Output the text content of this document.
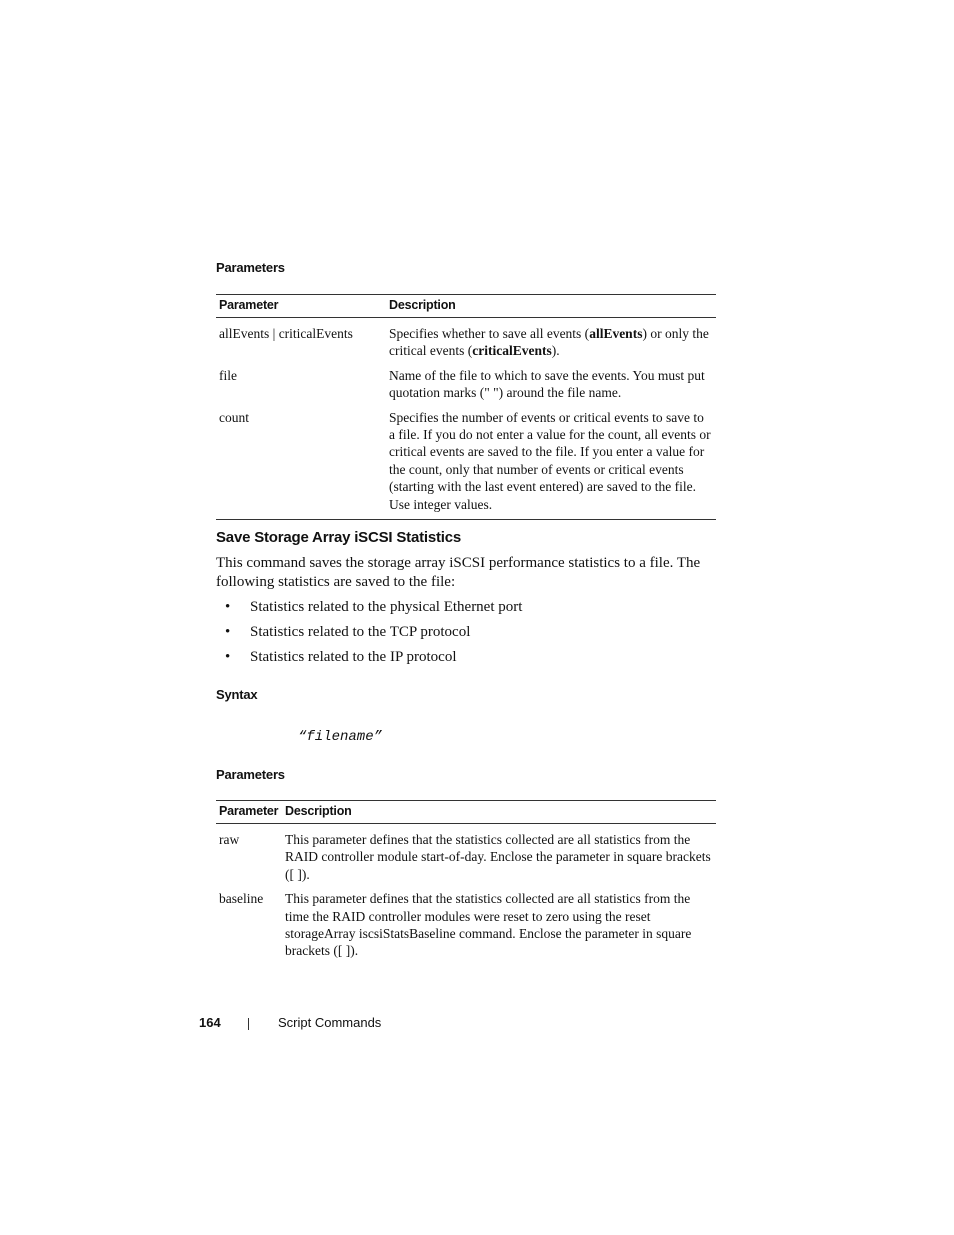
Parameters
Parameter	Description
allEvents | criticalEvents	Specifies whether to save all events (allEvents) or only the critical events (criticalEvents).
file	Name of the file to which to save the events. You must put quotation marks (" ") around the file name.
count	Specifies the number of events or critical events to save to a file. If you do not enter a value for the count, all events or critical events are saved to the file. If you enter a value for the count, only that number of events or critical events (starting with the last event entered) are saved to the file. Use integer values.
Save Storage Array iSCSI Statistics
This command saves the storage array iSCSI performance statistics to a file. The following statistics are saved to the file:
• Statistics related to the physical Ethernet port
• Statistics related to the TCP protocol
• Statistics related to the IP protocol
Syntax
“filename”
Parameters
Parameter	Description
raw	This parameter defines that the statistics collected are all statistics from the RAID controller module start-of-day. Enclose the parameter in square brackets ([ ]).
baseline	This parameter defines that the statistics collected are all statistics from the time the RAID controller modules were reset to zero using the reset storageArray iscsiStatsBaseline command. Enclose the parameter in square brackets ([ ]).
164	Script Commands
